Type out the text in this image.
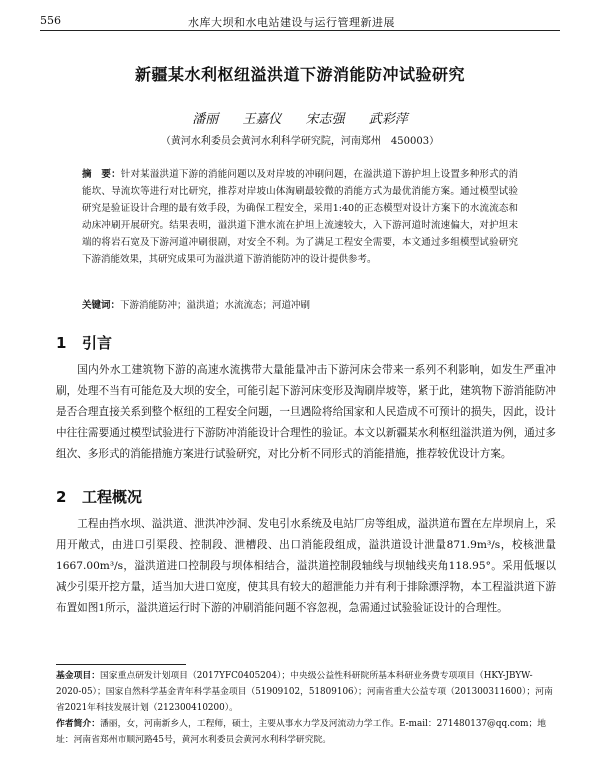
556	水库大坝和水电站建设与运行管理新进展
新疆某水利枢纽溢洪道下游消能防冲试验研究
潘丽 王嘉仪 宋志强 武彩萍
（黄河水利委员会黄河水利科学研究院，河南郑州　450003）
摘　要：针对某溢洪道下游的消能问题以及对岸坡的冲刷问题，在溢洪道下游护坦上设置多种形式的消能坎、导流坎等进行对比研究，推荐对岸坡山体淘刷最较微的消能方式为最优消能方案。通过模型试验研究是验证设计合理的最有效手段，为确保工程安全，采用1:40的正态模型对设计方案下的水流流态和动床冲刷开展研究。结果表明，溢洪道下泄水流在护坦上流速较大，入下游河道时流速偏大，对护坦末端的将岩石宽及下游河道冲刷很剧，对安全不利。为了满足工程安全需要，本文通过多组模型试验研究下游消能效果，其研究成果可为溢洪道下游消能防冲的设计提供参考。
关键词：下游消能防冲；溢洪道；水流流态；河道冲刷
1 引言
国内外水工建筑物下游的高速水流携带大量能量冲击下游河床会带来一系列不利影响，如发生严重冲刷，处理不当有可能危及大坝的安全，可能引起下游河床变形及淘刷岸坡等，紧于此，建筑物下游消能防冲是否合理直接关系到整个枢纽的工程安全问题，一旦遇险将给国家和人民造成不可预计的损失，因此，设计中往往需要通过模型试验进行下游防冲消能设计合理性的验证。本文以新疆某水利枢纽溢洪道为例，通过多组次、多形式的消能措施方案进行试验研究，对比分析不同形式的消能措施，推荐较优设计方案。
2 工程概况
工程由挡水坝、溢洪道、泄洪冲沙洞、发电引水系统及电站厂房等组成，溢洪道布置在左岸坝肩上，采用开敞式，由进口引渠段、控制段、泄槽段、出口消能段组成，溢洪道设计泄量871.9m³/s，校核泄量1667.00m³/s，溢洪道进口控制段与坝体相结合，溢洪道控制段轴线与坝轴线夹角118.95°。采用低堰以减少引渠开挖方量，适当加大进口宽度，使其具有较大的超泄能力并有利于排除漂浮物，本工程溢洪道下游布置如图1所示，溢洪道运行时下游的冲刷消能问题不容忽视，急需通过试验验证设计的合理性。
基金项目：国家重点研发计划项目（2017YFC0405204）；中央级公益性科研院所基本科研业务费专项项目（HKY-JBYW-2020-05）；国家自然科学基金青年科学基金项目（51909102，51809106）；河南省重大公益专项（201300311600）；河南省2021年科技发展计划（212300410200）。
作者简介：潘丽，女，河南新乡人，工程师，硕士，主要从事水力学及河流动力学工作。E-mail：271480137@qq.com；地址：河南省郑州市顺河路45号，黄河水利委员会黄河水利科学研究院。
